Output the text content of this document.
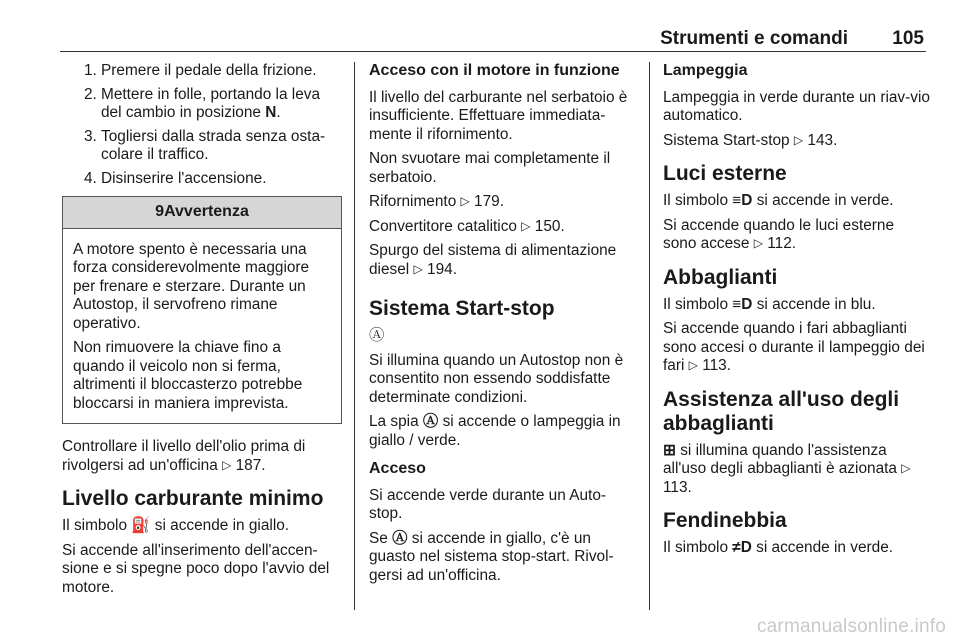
Strumenti e comandi 105
1. Premere il pedale della frizione.
2. Mettere in folle, portando la leva del cambio in posizione N.
3. Togliersi dalla strada senza osta-colare il traffico.
4. Disinserire l'accensione.
9Avvertenza

A motore spento è necessaria una forza considerevolmente maggiore per frenare e sterzare. Durante un Autostop, il servofreno rimane operativo.

Non rimuovere la chiave fino a quando il veicolo non si ferma, altrimenti il bloccasterzo potrebbe bloccarsi in maniera imprevista.

Controllare il livello dell'olio prima di rivolgersi ad un'officina ▷ 187.

Livello carburante minimo

Il simbolo ⛽ si accende in giallo.

Si accende all'inserimento dell'accen-sione e si spegne poco dopo l'avvio del motore.

Acceso con il motore in funzione

Il livello del carburante nel serbatoio è insufficiente. Effettuare immediata-mente il rifornimento.

Non svuotare mai completamente il serbatoio.

Rifornimento ▷ 179.

Convertitore catalitico ▷ 150.

Spurgo del sistema di alimentazione diesel ▷ 194.

Sistema Start-stop

Ⓐ

Si illumina quando un Autostop non è consentito non essendo soddisfatte determinate condizioni.

La spia Ⓐ si accende o lampeggia in giallo / verde.

Acceso

Si accende verde durante un Auto-stop.

Se Ⓐ si accende in giallo, c'è un guasto nel sistema stop-start. Rivol-gersi ad un'officina.

Lampeggia

Lampeggia in verde durante un riav-vio automatico.

Sistema Start-stop ▷ 143.

Luci esterne

Il simbolo ≡D si accende in verde.

Si accende quando le luci esterne sono accese ▷ 112.

Abbaglianti

Il simbolo ≡D si accende in blu.

Si accende quando i fari abbaglianti sono accesi o durante il lampeggio dei fari ▷ 113.

Assistenza all'uso degli abbaglianti

⊞ si illumina quando l'assistenza all'uso degli abbaglianti è azionata ▷ 113.

Fendinebbia

Il simbolo ≠D si accende in verde.

carmanualsonline.info
